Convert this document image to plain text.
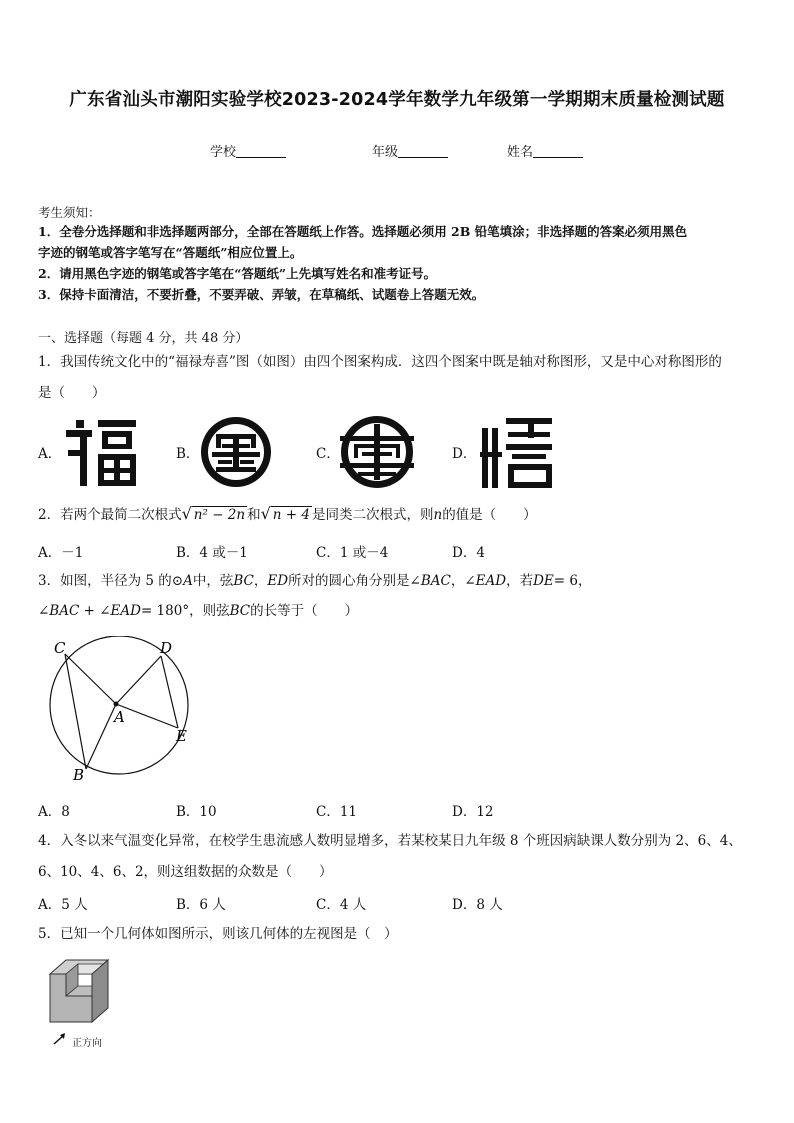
广东省汕头市潮阳实验学校2023-2024学年数学九年级第一学期期末质量检测试题
学校	年级	姓名
考生须知：
1．全卷分选择题和非选择题两部分，全部在答题纸上作答。选择题必须用 2B 铅笔填涂；非选择题的答案必须用黑色
字迹的钢笔或答字笔写在“答题纸”相应位置上。
2．请用黑色字迹的钢笔或答字笔在“答题纸”上先填写姓名和准考证号。
3．保持卡面清洁，不要折叠，不要弄破、弄皱，在草稿纸、试题卷上答题无效。
一、选择题（每题 4 分，共 48 分）
1．我国传统文化中的“福禄寿喜”图（如图）由四个图案构成．这四个图案中既是轴对称图形，又是中心对称图形的
是（　　）
A．	B．	C．	D．
2．若两个最简二次根式√ n² − 2n 和√ n + 4 是同类二次根式，则n的值是（　　）
A．－1	B．4 或－1	C．1 或－4	D．4
3．如图，半径为 5 的⊙A中，弦BC，ED所对的圆心角分别是∠BAC，∠EAD，若DE= 6，
∠BAC + ∠EAD= 180°，则弦BC的长等于（　　）
C	D
A
E
B
A．8	B．10	C．11	D．12
4．入冬以来气温变化异常，在校学生患流感人数明显增多，若某校某日九年级 8 个班因病缺课人数分别为 2、6、4、
6、10、4、6、2，则这组数据的众数是（　　）
A．5 人	B．6 人	C．4 人	D．8 人
5．已知一个几何体如图所示，则该几何体的左视图是（　）
正方向
